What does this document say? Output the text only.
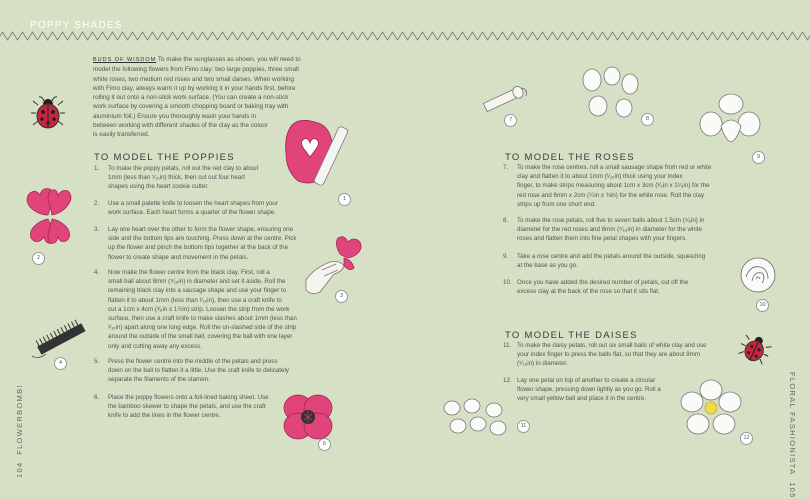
POPPY SHADES
BUDS OF WISDOM To make the sunglasses as shown, you will need to
model the following flowers from Fimo clay: two large poppies, three small
white roses, two medium red roses and two small daises. When working
with Fimo clay, always warm it up by working it in your hands first, before
rolling it out onto a non-stick work surface. (You can create a non-stick
work surface by covering a smooth chopping board or baking tray with
aluminium foil.) Ensure you thoroughly wash your hands in
between working with different shades of the clay as the colour
is easily transferred.
TO MODEL THE POPPIES
1. To make the poppy petals, roll out the red clay to about
1mm (less than ¹⁄₁₆in) thick, then cut out four heart
shapes using the heart cookie cutter.
2. Use a small palette knife to loosen the heart shapes from your
work surface. Each heart forms a quarter of the flower shape.
3. Lay one heart over the other to form the flower shape, ensuring one
side and the bottom tips are touching. Press down at the centre. Pick
up the flower and pinch the bottom tips together at the back of the
flower to create shape and movement in the petals.
4. Now make the flower centre from the black clay. First, roll a
small ball about 8mm (⁵⁄₁₆in) in diameter and set it aside. Roll the
remaining black clay into a sausage shape and use your finger to
flatten it to about 1mm (less than ¹⁄₁₆in), then use a craft knife to
cut a 1cm x 4cm (³⁄₈in x 1½in) strip. Loosen the strip from the work
surface, then use a craft knife to make slashes about 1mm (less than
¹⁄₁₆in) apart along one long edge. Roll the un-slashed side of the strip
around the outside of the small ball, covering the ball with one layer
only and cutting away any excess.
5. Press the flower centre into the middle of the petals and press
down on the ball to flatten it a little. Use the craft knife to delicately
separate the filaments of the stamen.
6. Place the poppy flowers onto a foil-lined baking sheet. Use
the bamboo skewer to shape the petals, and use the craft
knife to add the lines in the flower centre.
TO MODEL THE ROSES
7. To make the rose centres, roll a small sausage shape from red or white
clay and flatten it to about 1mm (¹⁄₁₆in) thick using your index
finger, to make strips measuring about 1cm x 3cm (³⁄₈in x 1¹⁄₈in) for the
red rose and 6mm x 2cm (¼in x ¾in) for the white rose. Roll the clay
strips up from one short end.
8. To make the rose petals, roll five to seven balls about 1.5cm (⁵⁄₈in) in
diameter for the red roses and 8mm (⁵⁄₁₆in) in diameter for the white
roses and flatten them into fine petal shapes with your fingers.
9. Take a rose centre and add the petals around the outside, squeezing
at the base as you go.
10. Once you have added the desired number of petals, cut off the
excess clay at the back of the rose so that it sits flat.
TO MODEL THE DAISES
11. To make the daisy petals, roll out six small balls of white clay and use
your index finger to press the balls flat, so that they are about 8mm
(⁵⁄₁₆in) in diameter.
12. Lay one petal on top of another to create a circular
flower shape, pressing down lightly as you go. Roll a
very small yellow ball and place it in the centre.
1
2
3
4
6
7	8
9
10
11
12
104  FLOWERBOMB!	FLORAL FASHIONISTA  105
